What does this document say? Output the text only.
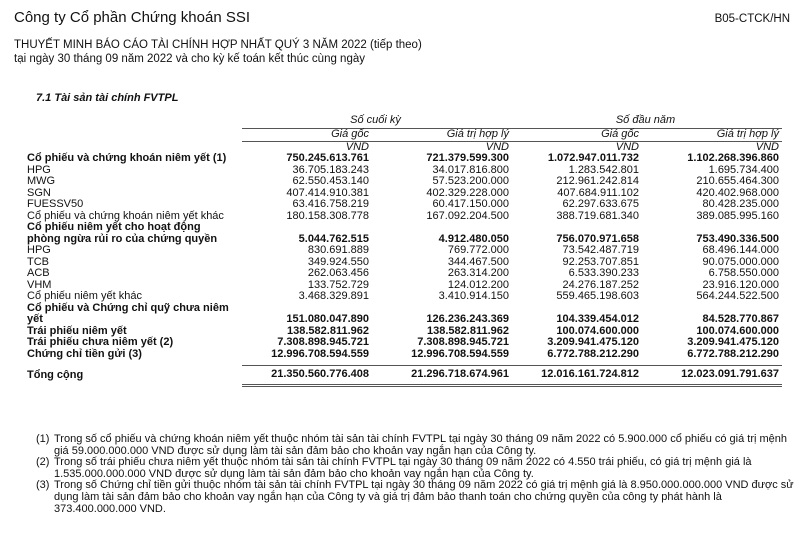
Công ty Cổ phần Chứng khoán SSI	B05-CTCK/HN
THUYẾT MINH BÁO CÁO TÀI CHÍNH HỢP NHẤT QUÝ 3 NĂM 2022 (tiếp theo)
tại ngày 30 tháng 09 năm 2022 và cho kỳ kế toán kết thúc cùng ngày
7.1 Tài sản tài chính FVTPL
	Số cuối kỳ		Số đầu năm	
	Giá gốc	Giá trị hợp lý	Giá gốc	Giá trị hợp lý
	VND	VND	VND	VND
Cổ phiếu và chứng khoán niêm yết (1)	750.245.613.761	721.379.599.300	1.072.947.011.732	1.102.268.396.860
HPG	36.705.183.243	34.017.816.800	1.283.542.801	1.695.734.400
MWG	62.550.453.140	57.523.200.000	212.961.242.814	210.655.464.300
SGN	407.414.910.381	402.329.228.000	407.684.911.102	420.402.968.000
FUESSV50	63.416.758.219	60.417.150.000	62.297.633.675	80.428.235.000
Cổ phiếu và chứng khoán niêm yết khác	180.158.308.778	167.092.204.500	388.719.681.340	389.085.995.160
Cổ phiếu niêm yết cho hoạt động				
phòng ngừa rủi ro của chứng quyền	5.044.762.515	4.912.480.050	756.070.971.658	753.490.336.500
HPG	830.691.889	769.772.000	73.542.487.719	68.496.144.000
TCB	349.924.550	344.467.500	92.253.707.851	90.075.000.000
ACB	262.063.456	263.314.200	6.533.390.233	6.758.550.000
VHM	133.752.729	124.012.200	24.276.187.252	23.916.120.000
Cổ phiếu niêm yết khác	3.468.329.891	3.410.914.150	559.465.198.603	564.244.522.500
Cổ phiếu và Chứng chỉ quỹ chưa niêm				
yết	151.080.047.890	126.236.243.369	104.339.454.012	84.528.770.867
Trái phiếu niêm yết	138.582.811.962	138.582.811.962	100.074.600.000	100.074.600.000
Trái phiếu chưa niêm yết (2)	7.308.898.945.721	7.308.898.945.721	3.209.941.475.120	3.209.941.475.120
Chứng chỉ tiền gửi (3)	12.996.708.594.559	12.996.708.594.559	6.772.788.212.290	6.772.788.212.290

Tổng cộng	21.350.560.776.408	21.296.718.674.961	12.016.161.724.812	12.023.091.791.637
(1) Trong số cổ phiếu và chứng khoán niêm yết thuộc nhóm tài sản tài chính FVTPL tại ngày 30 tháng 09 năm 2022 có 5.900.000 cổ phiếu có giá trị mệnh giá 59.000.000.000 VND được sử dụng làm tài sản đảm bảo cho khoản vay ngắn hạn của Công ty.
(2) Trong số trái phiếu chưa niêm yết thuộc nhóm tài sản tài chính FVTPL tại ngày 30 tháng 09 năm 2022 có 4.550 trái phiếu, có giá trị mệnh giá là 1.535.000.000.000 VND được sử dụng làm tài sản đảm bảo cho khoản vay ngắn hạn của Công ty.
(3) Trong số Chứng chỉ tiền gửi thuộc nhóm tài sản tài chính FVTPL tại ngày 30 tháng 09 năm 2022 có giá trị mệnh giá là 8.950.000.000.000 VND được sử dụng làm tài sản đảm bảo cho khoản vay ngắn hạn của Công ty và giá trị đảm bảo thanh toán cho chứng quyền của công ty phát hành là 373.400.000.000 VND.
